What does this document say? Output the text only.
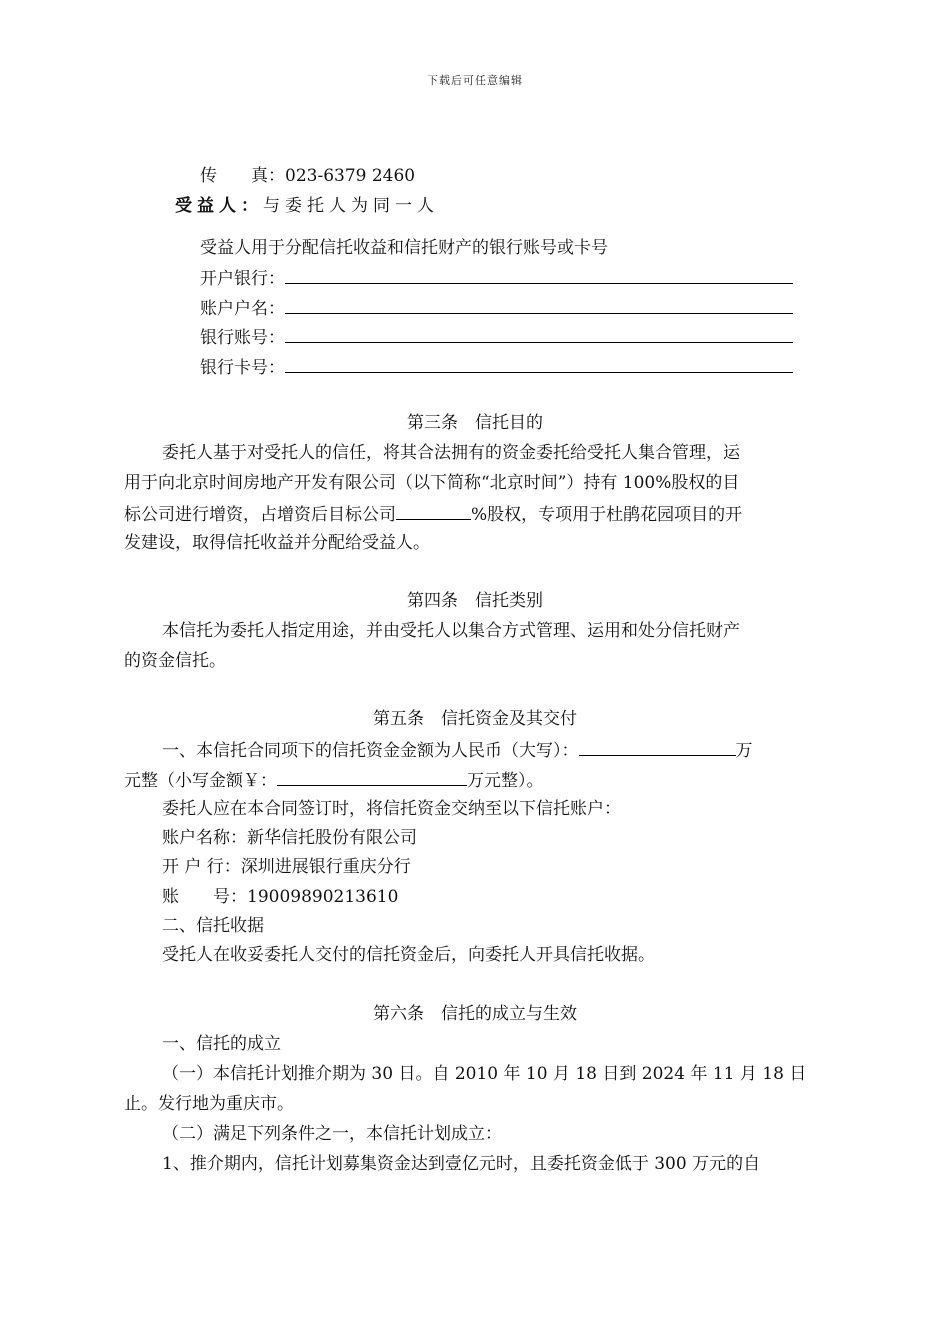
下载后可任意编辑
传　　真：023-6379 2460
受益人：与委托人为同一人
受益人用于分配信托收益和信托财产的银行账号或卡号
开户银行：
账户户名：
银行账号：
银行卡号：
第三条　信托目的
委托人基于对受托人的信任，将其合法拥有的资金委托给受托人集合管理，运
用于向北京时间房地产开发有限公司（以下简称“北京时间”）持有 100%股权的目
标公司进行增资，占增资后目标公司	%股权，专项用于杜鹃花园项目的开
发建设，取得信托收益并分配给受益人。
第四条　信托类别
本信托为委托人指定用途，并由受托人以集合方式管理、运用和处分信托财产
的资金信托。
第五条　信托资金及其交付
一、本信托合同项下的信托资金金额为人民币（大写）：	万
元整（小写金额￥：	万元整）。
委托人应在本合同签订时，将信托资金交纳至以下信托账户：
账户名称：新华信托股份有限公司
开 户 行：深圳进展银行重庆分行
账　　号：19009890213610
二、信托收据
受托人在收妥委托人交付的信托资金后，向委托人开具信托收据。
第六条　信托的成立与生效
一、信托的成立
（一）本信托计划推介期为 30 日。自 2010 年 10 月 18 日到 2024 年 11 月 18 日
止。发行地为重庆市。
（二）满足下列条件之一，本信托计划成立：
1、推介期内，信托计划募集资金达到壹亿元时，且委托资金低于 300 万元的自
